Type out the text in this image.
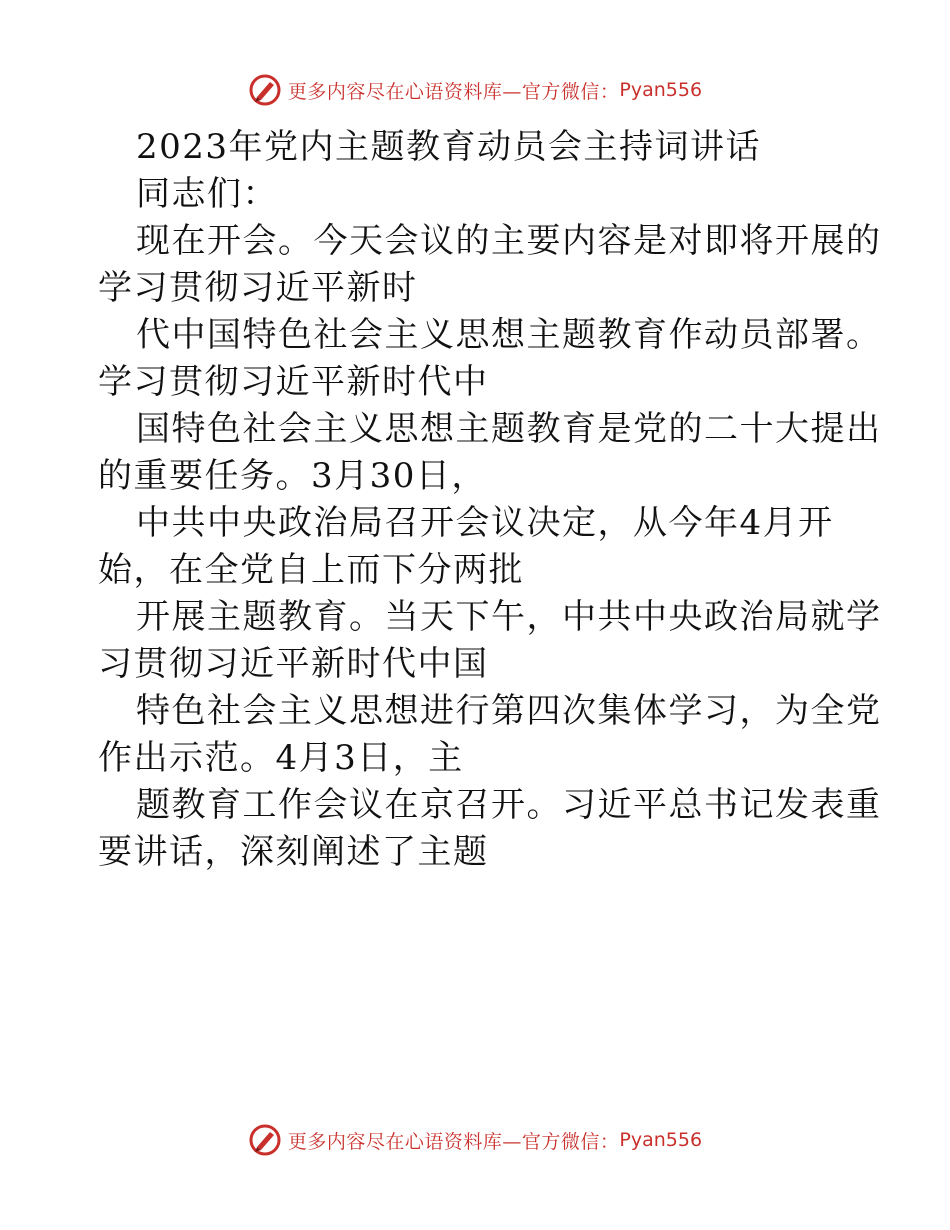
更多内容尽在心语资料库—官方微信： Pyan556
2023年党内主题教育动员会主持词讲话
同志们：
现在开会。今天会议的主要内容是对即将开展的
学习贯彻习近平新时
代中国特色社会主义思想主题教育作动员部署。
学习贯彻习近平新时代中
国特色社会主义思想主题教育是党的二十大提出
的重要任务。3月30日，
中共中央政治局召开会议决定，从今年4月开
始，在全党自上而下分两批
开展主题教育。当天下午，中共中央政治局就学
习贯彻习近平新时代中国
特色社会主义思想进行第四次集体学习，为全党
作出示范。4月3日，主
题教育工作会议在京召开。习近平总书记发表重
要讲话，深刻阐述了主题
更多内容尽在心语资料库—官方微信： Pyan556
